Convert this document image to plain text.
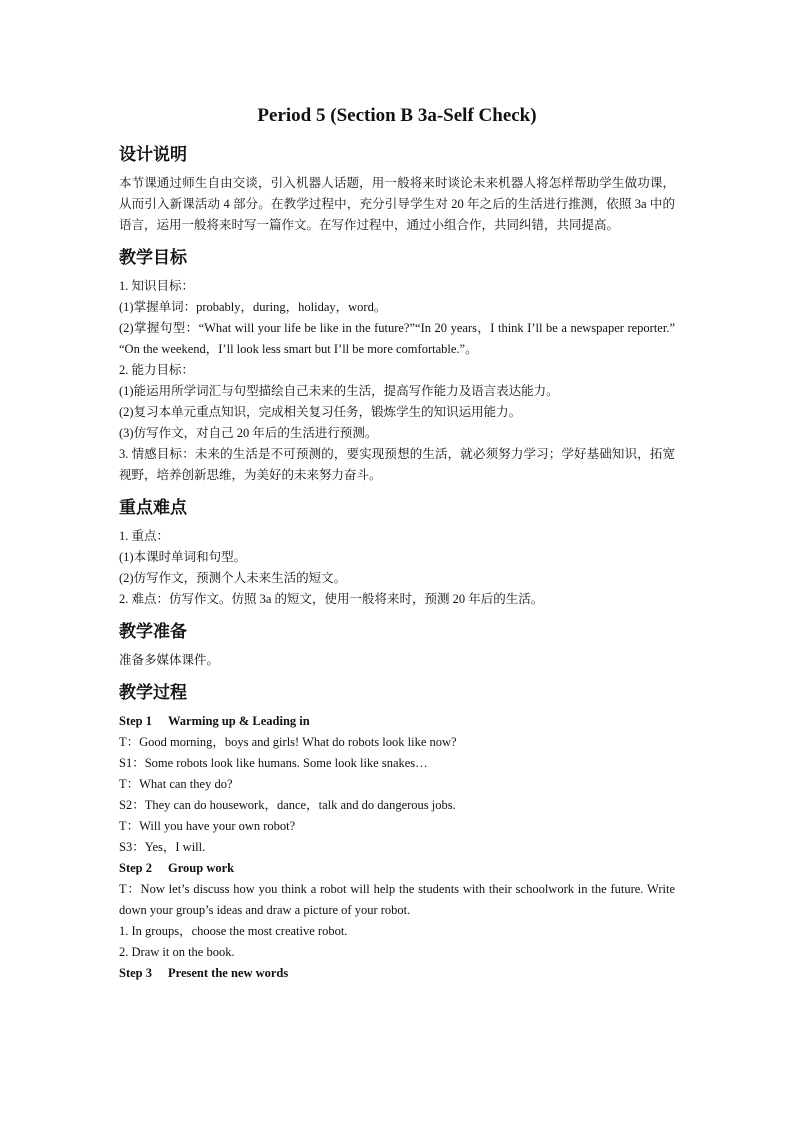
Period 5 (Section B 3a-Self Check)
设计说明

本节课通过师生自由交谈，引入机器人话题，用一般将来时谈论未来机器人将怎样帮助学生做功课，从而引入新课活动 4 部分。在教学过程中，充分引导学生对 20 年之后的生活进行推测，依照 3a 中的语言，运用一般将来时写一篇作文。在写作过程中，通过小组合作，共同纠错，共同提高。

教学目标

1. 知识目标：

(1)掌握单词：probably，during，holiday，word。

(2)掌握句型：“What will your life be like in the future?”“In 20 years，I think I’ll be a newspaper reporter.” “On the weekend，I’ll look less smart but I’ll be more comfortable.”。

2. 能力目标：

(1)能运用所学词汇与句型描绘自己未来的生活，提高写作能力及语言表达能力。

(2)复习本单元重点知识，完成相关复习任务，锻炼学生的知识运用能力。

(3)仿写作文，对自己 20 年后的生活进行预测。

3. 情感目标：未来的生活是不可预测的，要实现预想的生活，就必须努力学习；学好基础知识，拓宽视野，培养创新思维，为美好的未来努力奋斗。

重点难点

1. 重点：

(1)本课时单词和句型。

(2)仿写作文，预测个人未来生活的短文。

2. 难点：仿写作文。仿照 3a 的短文，使用一般将来时，预测 20 年后的生活。

教学准备

准备多媒体课件。

教学过程

Step 1 Warming up & Leading in

T：Good morning，boys and girls! What do robots look like now?

S1：Some robots look like humans. Some look like snakes…

T：What can they do?

S2：They can do housework，dance，talk and do dangerous jobs.

T：Will you have your own robot?

S3：Yes，I will.

Step 2 Group work

T：Now let’s discuss how you think a robot will help the students with their schoolwork in the future. Write down your group’s ideas and draw a picture of your robot.

1. In groups，choose the most creative robot.

2. Draw it on the book.

Step 3 Present the new words
